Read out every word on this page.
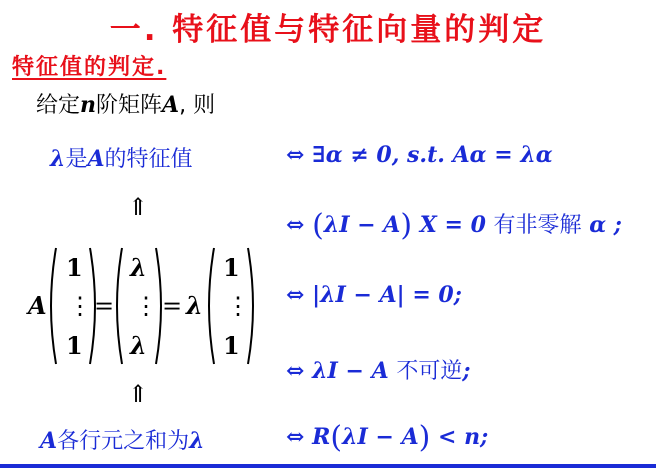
一. 特征值与特征向量的判定
特征值的判定.
给定n阶矩阵A, 则
λ是A的特征值
⇑
A
1
⋮
1
=
λ
⋮
λ
= λ
1
⋮
1
⇑
A各行元之和为λ
⇔ ∃α ≠ 0, s.t. Aα = λα
⇔ (λI − A) X = 0 有非零解 α ;
⇔ |λI − A| = 0;
⇔ λI − A 不可逆;
⇔ R(λI − A) < n;
